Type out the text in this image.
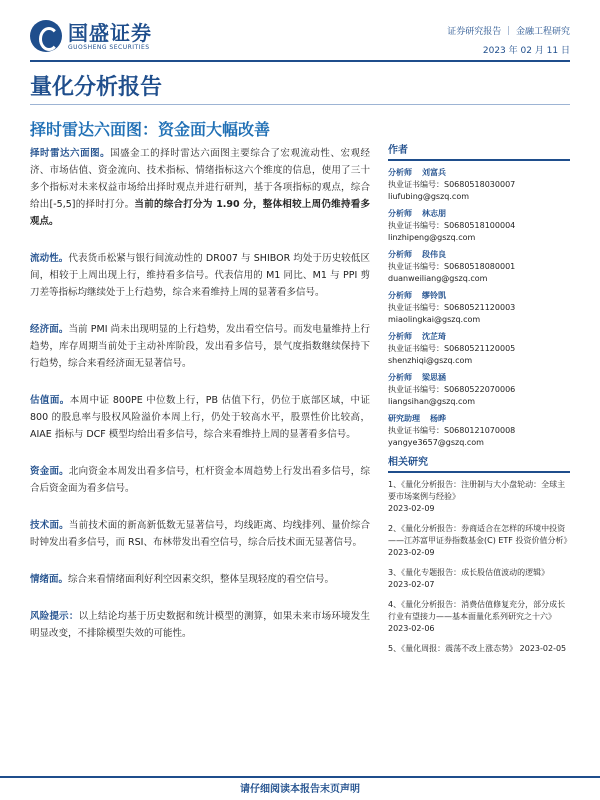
国盛证券
GUOSHENG SECURITIES
证券研究报告 ｜ 金融工程研究
2023 年 02 月 11 日
量化分析报告
择时雷达六面图：资金面大幅改善

择时雷达六面图。国盛金工的择时雷达六面图主要综合了宏观流动性、宏观经济、市场估值、资金流向、技术指标、情绪指标这六个维度的信息，使用了三十多个指标对未来权益市场给出择时观点并进行研判，基于各项指标的观点，综合给出[-5,5]的择时打分。当前的综合打分为 1.90 分，整体相较上周仍维持看多观点。

流动性。代表货币松紧与银行间流动性的 DR007 与 SHIBOR 均处于历史较低区间，相较于上周出现上行，维持看多信号。代表信用的 M1 同比、M1 与 PPI 剪刀差等指标均继续处于上行趋势，综合来看维持上周的显著看多信号。

经济面。当前 PMI 尚未出现明显的上行趋势，发出看空信号。而发电量维持上行趋势，库存周期当前处于主动补库阶段，发出看多信号，景气度指数继续保持下行趋势，综合来看经济面无显著信号。

估值面。本周中证 800PE 中位数上行，PB 估值下行，仍位于底部区域，中证 800 的股息率与股权风险溢价本周上行，仍处于较高水平，股票性价比较高，AIAE 指标与 DCF 模型均给出看多信号，综合来看维持上周的显著看多信号。

资金面。北向资金本周发出看多信号，杠杆资金本周趋势上行发出看多信号，综合后资金面为看多信号。

技术面。当前技术面的新高新低数无显著信号，均线距离、均线排列、量价综合时钟发出看多信号，而 RSI、布林带发出看空信号，综合后技术面无显著信号。

情绪面。综合来看情绪面利好利空因素交织，整体呈现轻度的看空信号。

风险提示：以上结论均基于历史数据和统计模型的测算，如果未来市场环境发生明显改变，不排除模型失效的可能性。

作者
分析师 刘富兵
执业证书编号：S0680518030007
liufubing@gszq.com
分析师 林志朋
执业证书编号：S0680518100004
linzhipeng@gszq.com
分析师 段伟良
执业证书编号：S0680518080001
duanweiliang@gszq.com
分析师 缪铃凯
执业证书编号：S0680521120003
miaolingkai@gszq.com
分析师 沈芷琦
执业证书编号：S0680521120005
shenzhiqi@gszq.com
分析师 梁思涵
执业证书编号：S0680522070006
liangsihan@gszq.com
研究助理 杨晔
执业证书编号：S0680121070008
yangye3657@gszq.com
相关研究
1、《量化分析报告：注册制与大小盘轮动：全球主要市场案例与经验》
2023-02-09
2、《量化分析报告：券商适合在怎样的环境中投资——江苏富甲证券指数基金(C) ETF 投资价值分析》
2023-02-09
3、《量化专题报告：成长股估值波动的逻辑》
2023-02-07
4、《量化分析报告：消费估值修复充分，部分成长行业有望接力——基本面量化系列研究之十六》
2023-02-06
5、《量化周报：震荡不改上涨态势》 2023-02-05
请仔细阅读本报告末页声明
